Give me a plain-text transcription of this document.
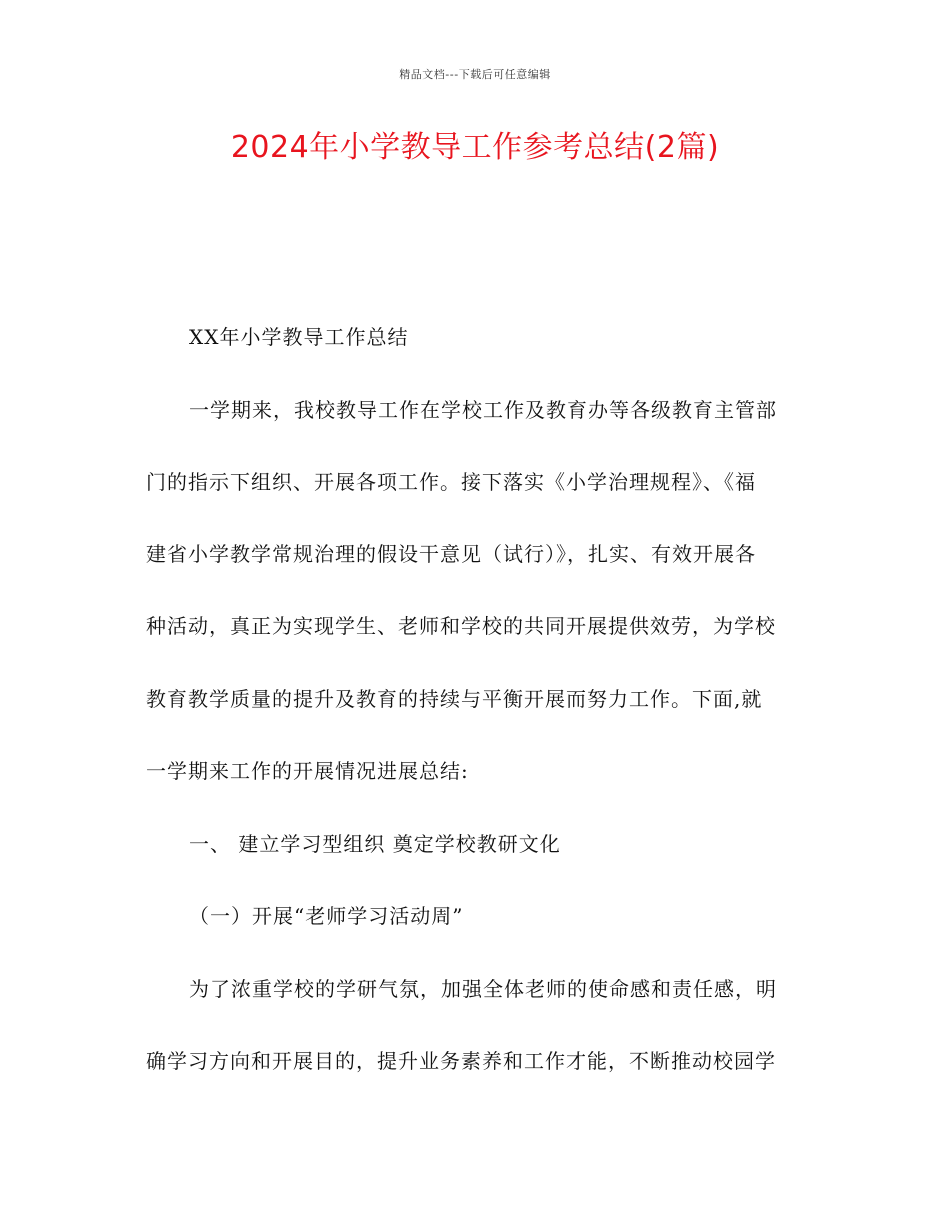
精品文档---下载后可任意编辑
2024年小学教导工作参考总结(2篇)
XX年小学教导工作总结
一学期来，我校教导工作在学校工作及教育办等各级教育主管部
门的指示下组织、开展各项工作。接下落实《小学治理规程》、《福
建省小学教学常规治理的假设干意见（试行）》，扎实、有效开展各
种活动，真正为实现学生、老师和学校的共同开展提供效劳，为学校
教育教学质量的提升及教育的持续与平衡开展而努力工作。下面,就
一学期来工作的开展情况进展总结:
一、 建立学习型组织 奠定学校教研文化
（一）开展“老师学习活动周”
为了浓重学校的学研气氛，加强全体老师的使命感和责任感，明
确学习方向和开展目的，提升业务素养和工作才能，不断推动校园学
